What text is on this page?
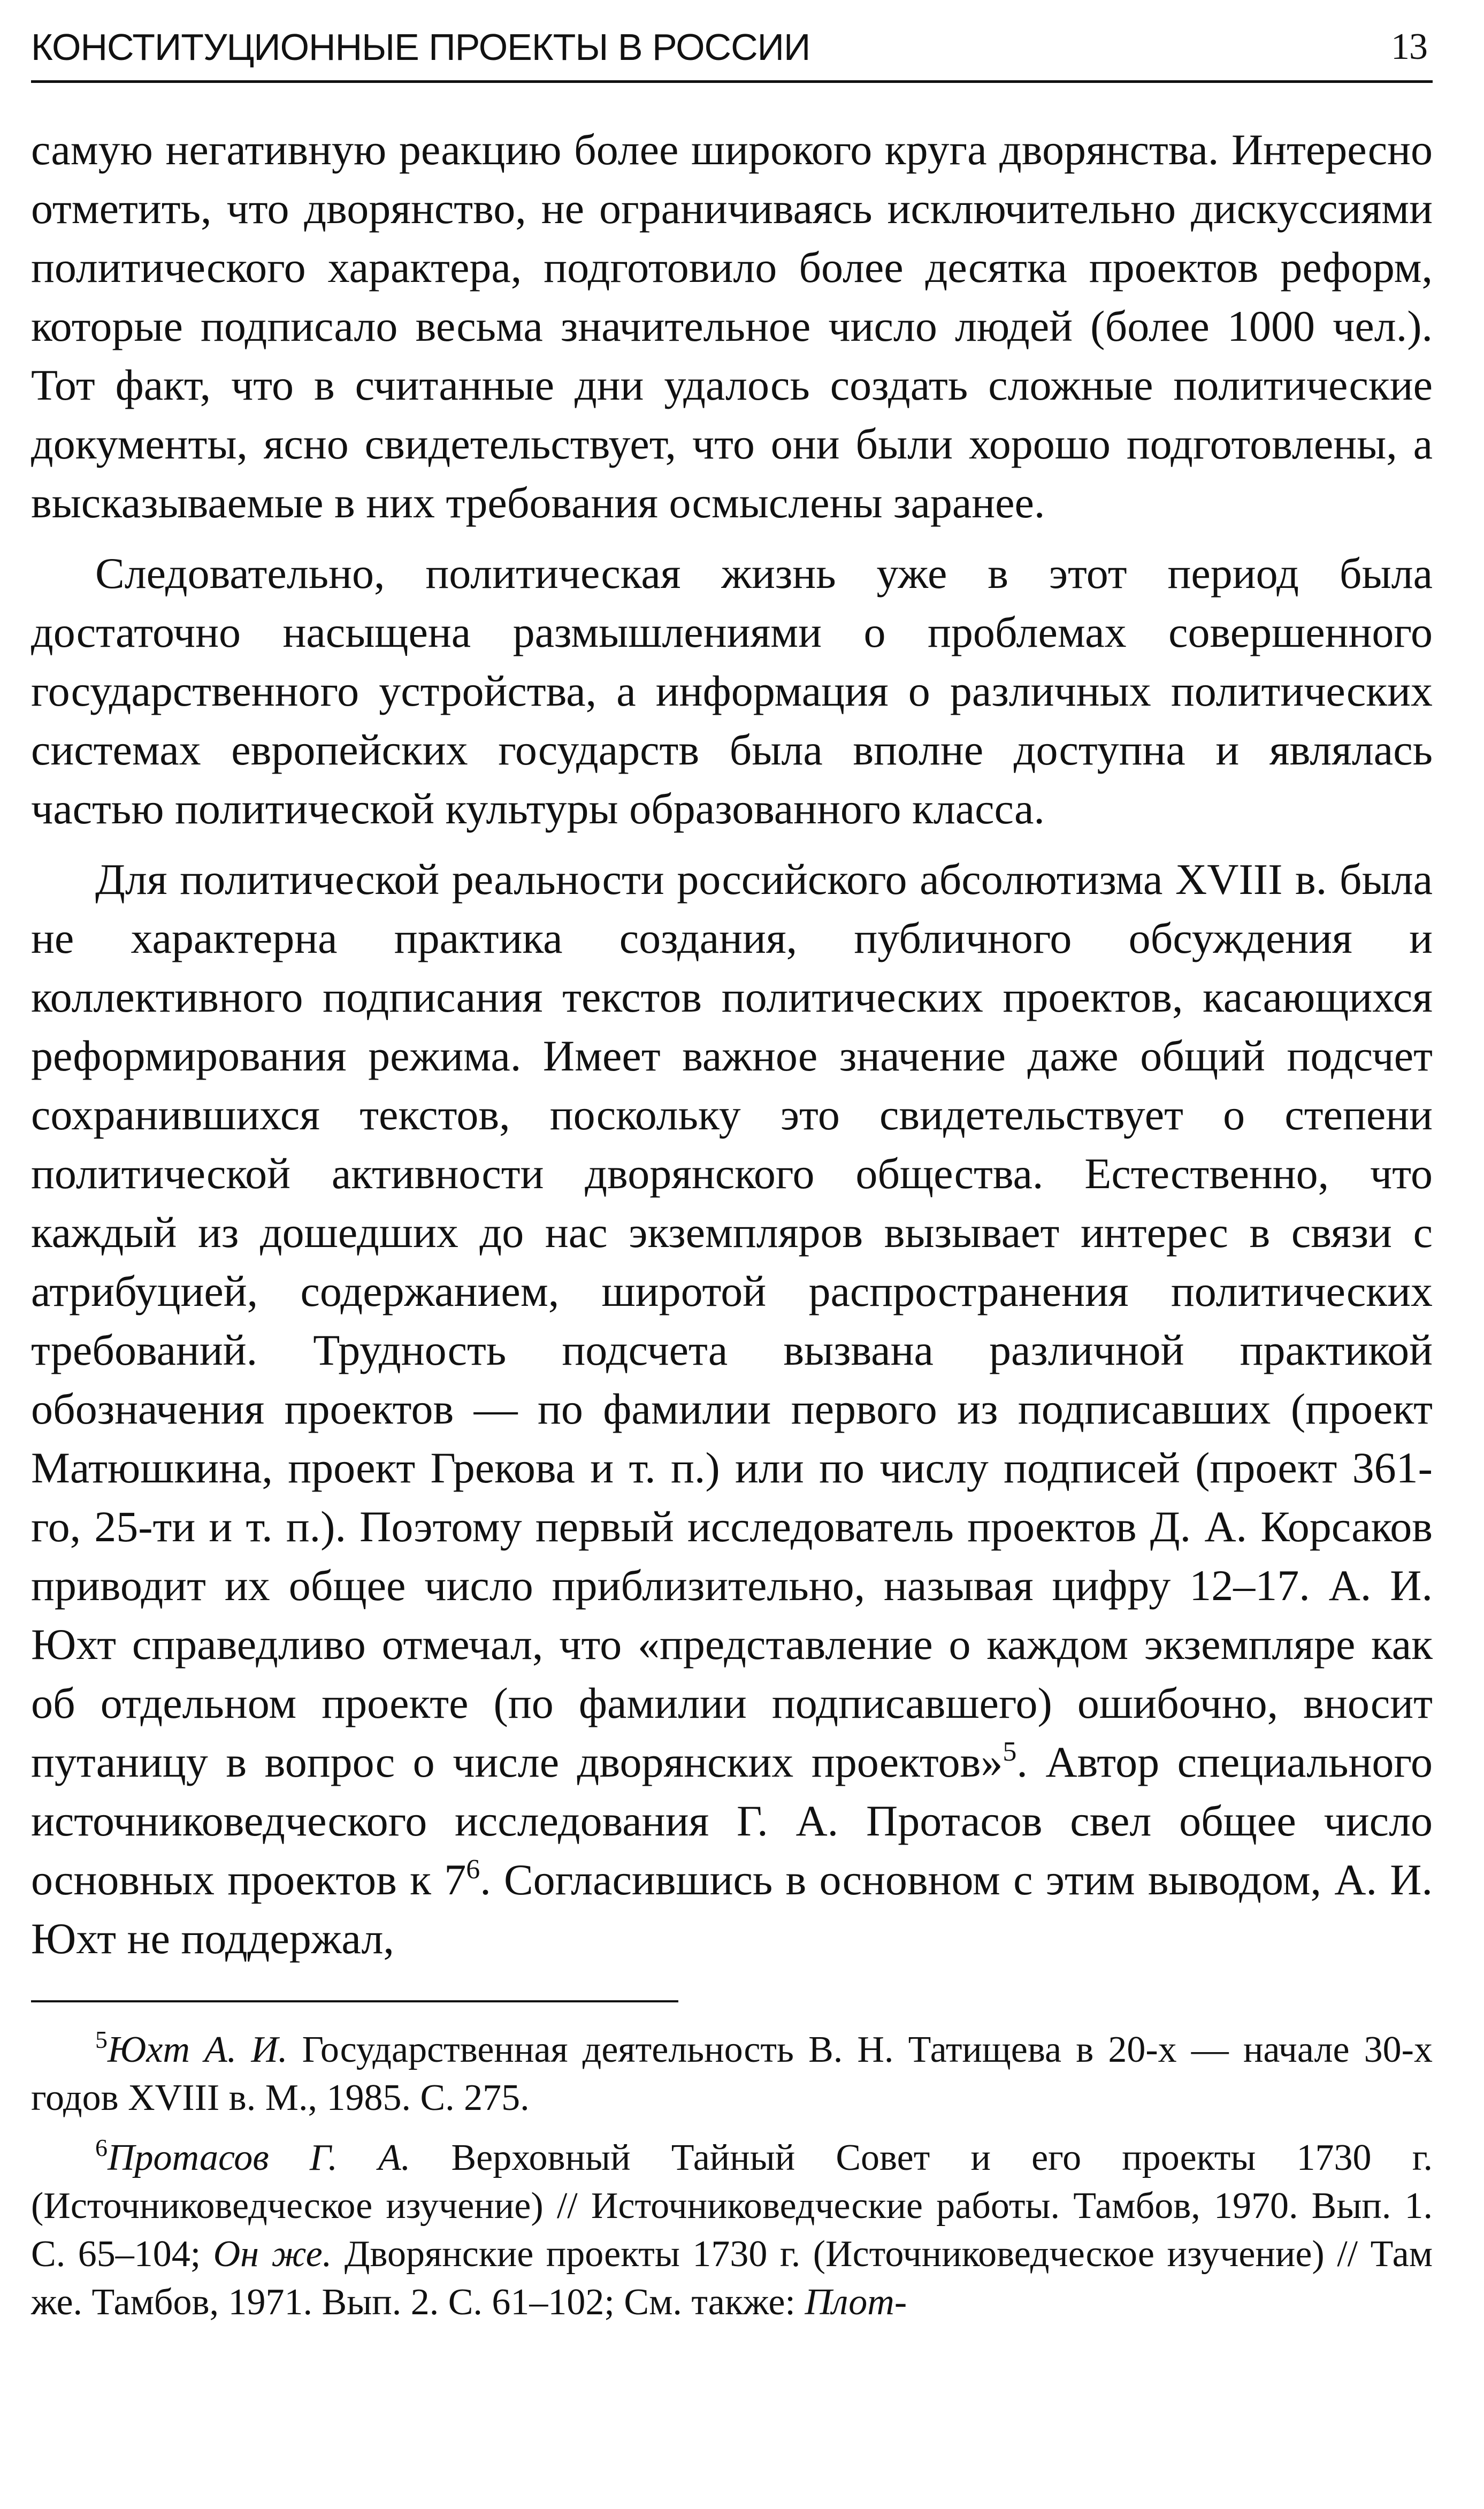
КОНСТИТУЦИОННЫЕ ПРОЕКТЫ В РОССИИ	13

самую негативную реакцию более широкого круга дворянства. Интересно отметить, что дворянство, не ограничиваясь исключительно дискуссиями политического характера, подготовило более десятка проектов реформ, которые подписало весьма значительное число людей (более 1000 чел.). Тот факт, что в считанные дни удалось создать сложные политические документы, ясно свидетельствует, что они были хорошо подготовлены, а высказываемые в них требования осмыслены заранее.

Следовательно, политическая жизнь уже в этот период была достаточно насыщена размышлениями о проблемах совершенного государственного устройства, а информация о различных политических системах европейских государств была вполне доступна и являлась частью политической культуры образованного класса.

Для политической реальности российского абсолютизма XVIII в. была не характерна практика создания, публичного обсуждения и коллективного подписания текстов политических проектов, касающихся реформирования режима. Имеет важное значение даже общий подсчет сохранившихся текстов, поскольку это свидетельствует о степени политической активности дворянского общества. Естественно, что каждый из дошедших до нас экземпляров вызывает интерес в связи с атрибуцией, содержанием, широтой распространения политических требований. Трудность подсчета вызвана различной практикой обозначения проектов — по фамилии первого из подписавших (проект Матюшкина, проект Грекова и т. п.) или по числу подписей (проект 361-го, 25-ти и т. п.). Поэтому первый исследователь проектов Д. А. Корсаков приводит их общее число приблизительно, называя цифру 12–17. А. И. Юхт справедливо отмечал, что «представление о каждом экземпляре как об отдельном проекте (по фамилии подписавшего) ошибочно, вносит путаницу в вопрос о числе дворянских проектов»$^5$. Автор специального источниковедческого исследования Г. А. Протасов свел общее число основных проектов к $7^6$. Согласившись в основном с этим выводом, А. И. Юхт не поддержал,

$^5$Юхт А. И. Государственная деятельность В. Н. Татищева в 20-х — начале 30-х годов XVIII в. М., 1985. С. 275.

$^6$Протасов Г. А. Верховный Тайный Совет и его проекты 1730 г. (Источниковедческое изучение) // Источниковедческие работы. Тамбов, 1970. Вып. 1. С. 65–104; Он же. Дворянские проекты 1730 г. (Источниковедческое изучение) // Там же. Тамбов, 1971. Вып. 2. С. 61–102; См. также: Плот-
